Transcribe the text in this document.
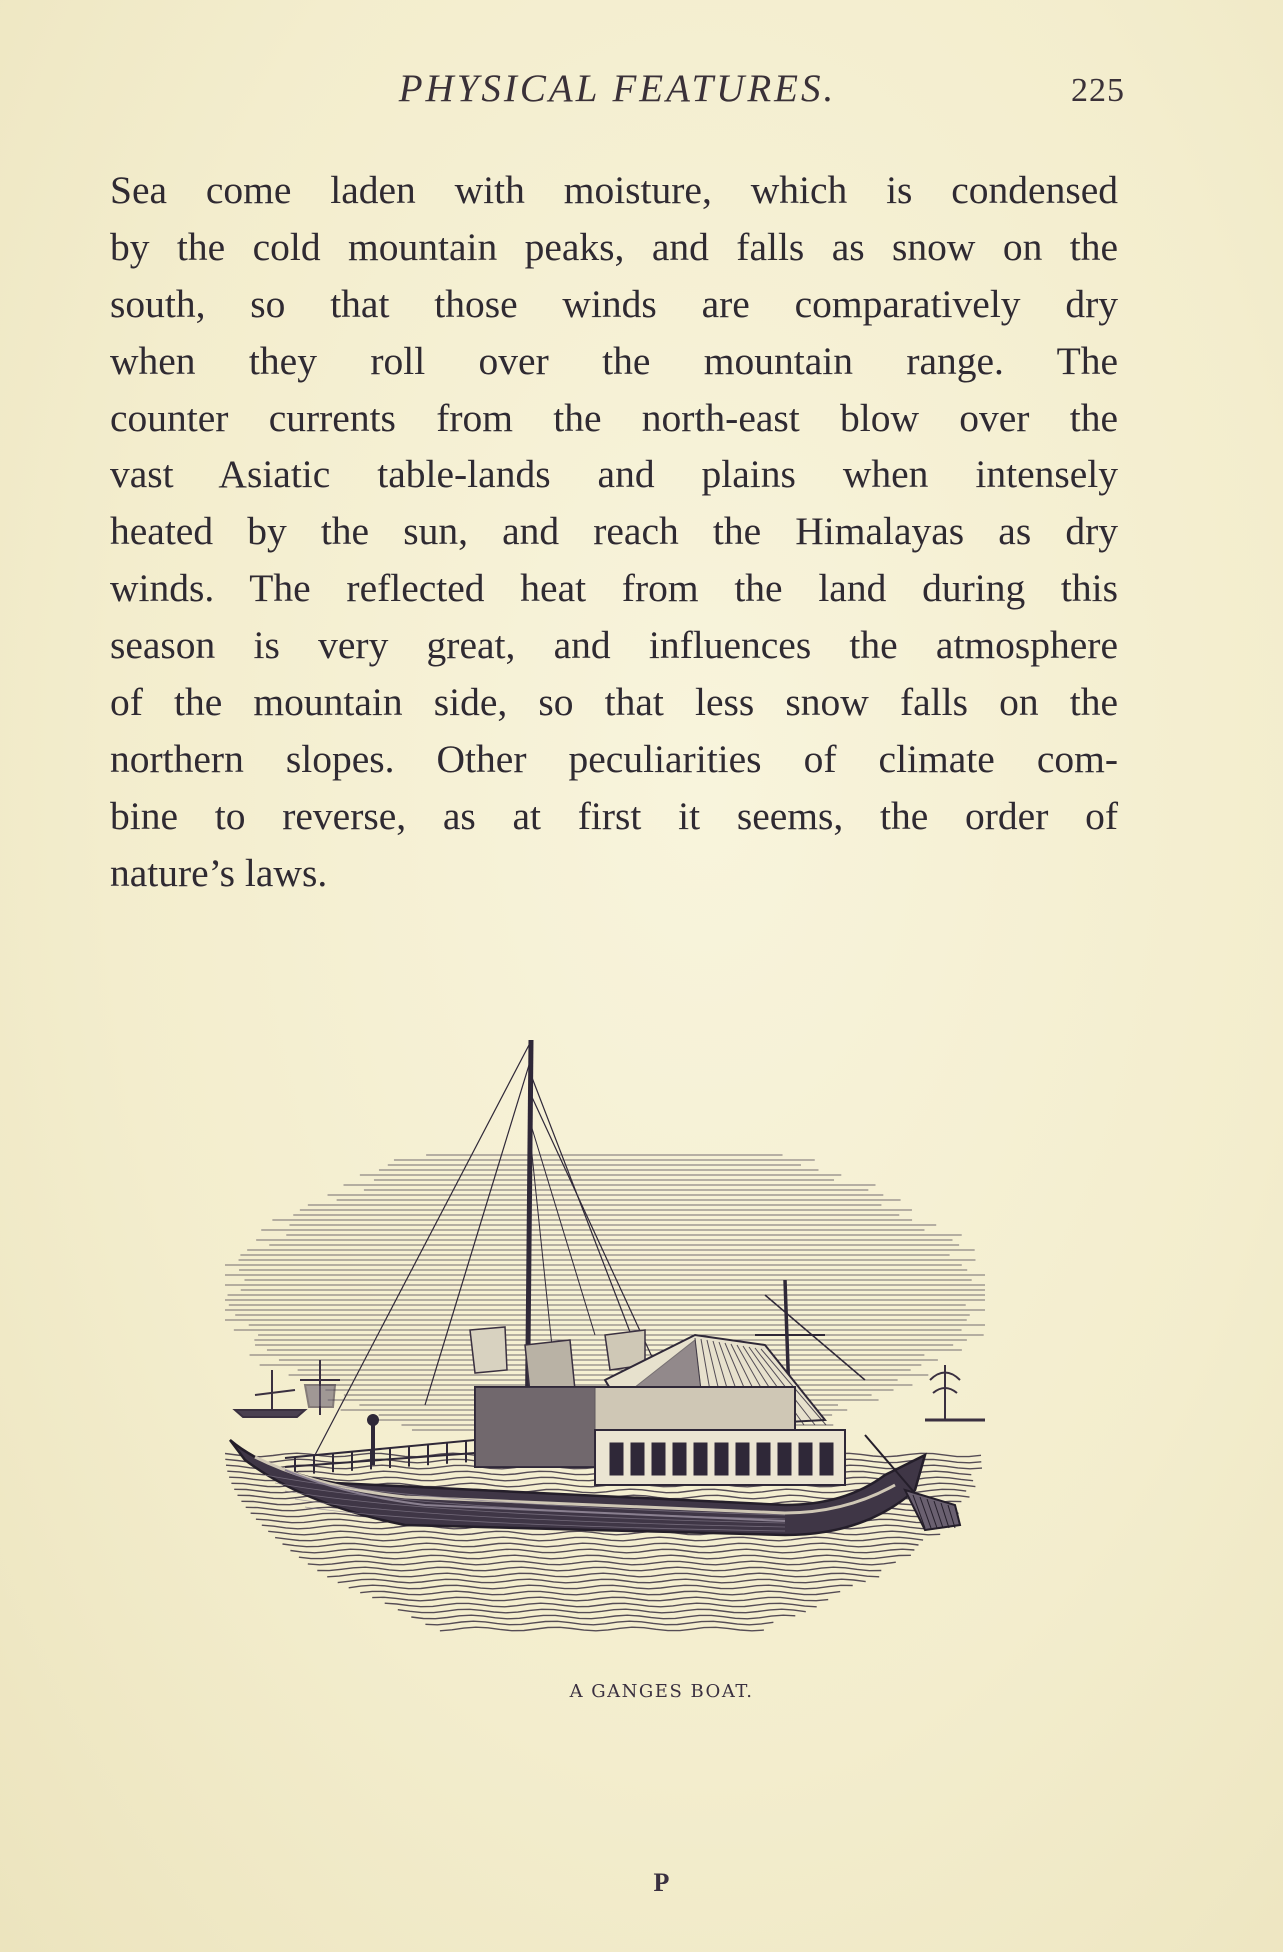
PHYSICAL FEATURES.	225
Sea come laden with moisture, which is condensed
by the cold mountain peaks, and falls as snow on the
south, so that those winds are comparatively dry
when they roll over the mountain range. The
counter currents from the north-east blow over the
vast Asiatic table-lands and plains when intensely
heated by the sun, and reach the Himalayas as dry
winds. The reflected heat from the land during this
season is very great, and influences the atmosphere
of the mountain side, so that less snow falls on the
northern slopes. Other peculiarities of climate com-
bine to reverse, as at first it seems, the order of
nature’s laws.
A GANGES BOAT.
P
